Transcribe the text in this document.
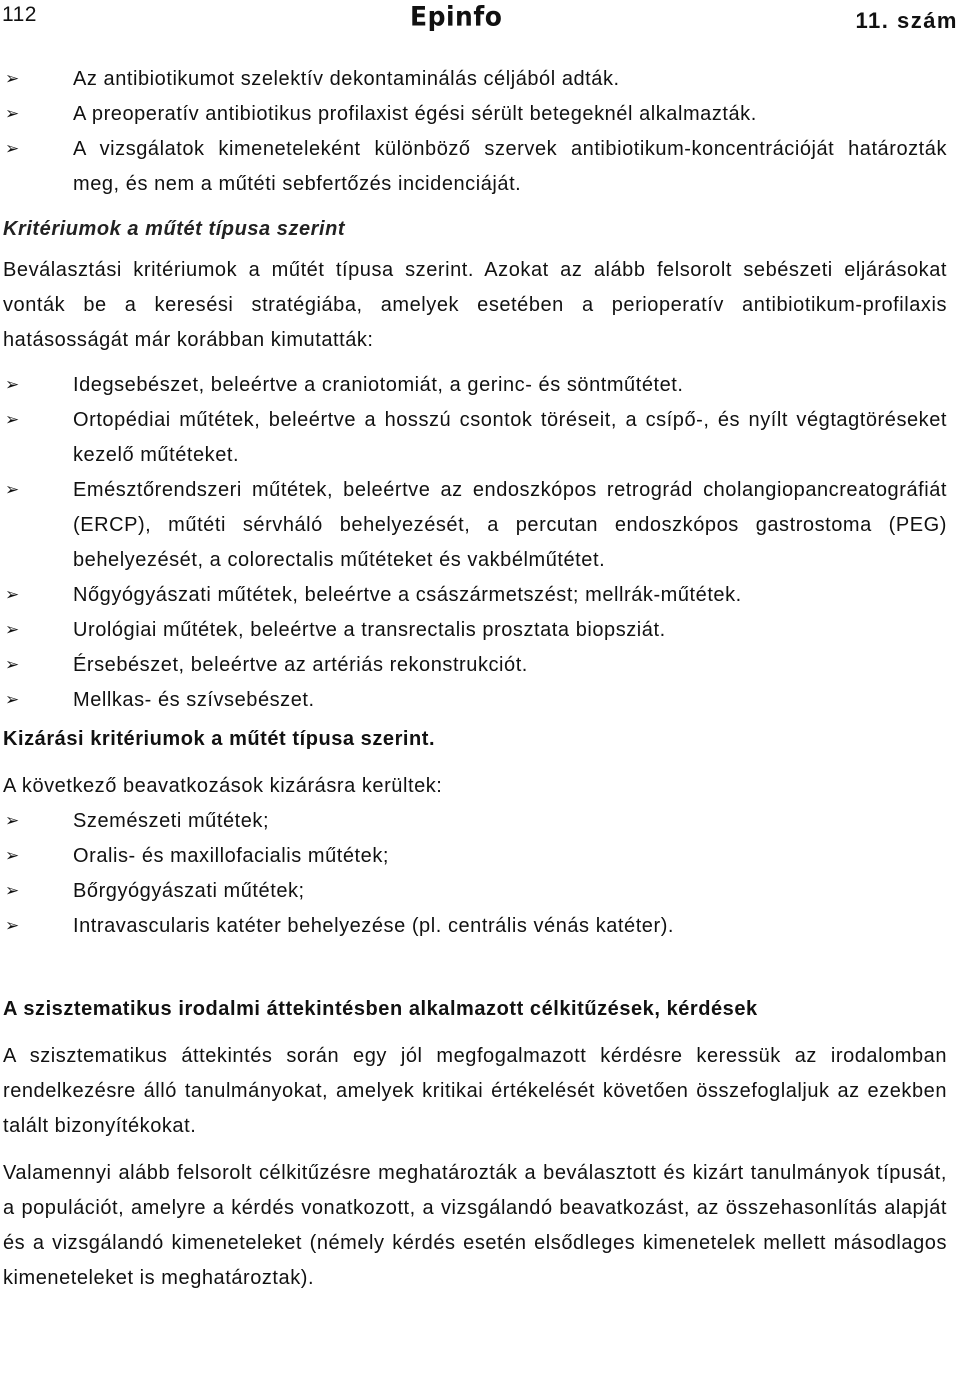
112	Epinfo	11. szám
➢	Az antibiotikumot szelektív dekontaminálás céljából adták.
➢	A preoperatív antibiotikus profilaxist égési sérült betegeknél alkalmazták.
➢	A vizsgálatok kimeneteleként különböző szervek antibiotikum-koncentrációját határozták meg, és nem a műtéti sebfertőzés incidenciáját.
Kritériumok a műtét típusa szerint
Beválasztási kritériumok a műtét típusa szerint. Azokat az alább felsorolt sebészeti eljárásokat vonták be a keresési stratégiába, amelyek esetében a perioperatív antibiotikum-profilaxis hatásosságát már korábban kimutatták:
➢	Idegsebészet, beleértve a craniotomiát, a gerinc- és söntműtétet.
➢	Ortopédiai műtétek, beleértve a hosszú csontok töréseit, a csípő-, és nyílt végtagtöréseket kezelő műtéteket.
➢	Emésztőrendszeri műtétek, beleértve az endoszkópos retrográd cholangiopancreatográfiát (ERCP), műtéti sérvháló behelyezését, a percutan endoszkópos gastrostoma (PEG) behelyezését, a colorectalis műtéteket és vakbélműtétet.
➢	Nőgyógyászati műtétek, beleértve a császármetszést; mellrák-műtétek.
➢	Urológiai műtétek, beleértve a transrectalis prosztata biopsziát.
➢	Érsebészet, beleértve az artériás rekonstrukciót.
➢	Mellkas- és szívsebészet.
Kizárási kritériumok a műtét típusa szerint.
A következő beavatkozások kizárásra kerültek:
➢	Szemészeti műtétek;
➢	Oralis- és maxillofacialis műtétek;
➢	Bőrgyógyászati műtétek;
➢	Intravascularis katéter behelyezése (pl. centrális vénás katéter).
A szisztematikus irodalmi áttekintésben alkalmazott célkitűzések, kérdések
A szisztematikus áttekintés során egy jól megfogalmazott kérdésre keressük az irodalomban rendelkezésre álló tanulmányokat, amelyek kritikai értékelését követően összefoglaljuk az ezekben talált bizonyítékokat.
Valamennyi alább felsorolt célkitűzésre meghatározták a beválasztott és kizárt tanulmányok típusát, a populációt, amelyre a kérdés vonatkozott, a vizsgálandó beavatkozást, az összehasonlítás alapját és a vizsgálandó kimeneteleket (némely kérdés esetén elsődleges kimenetelek mellett másodlagos kimeneteleket is meghatároztak).
